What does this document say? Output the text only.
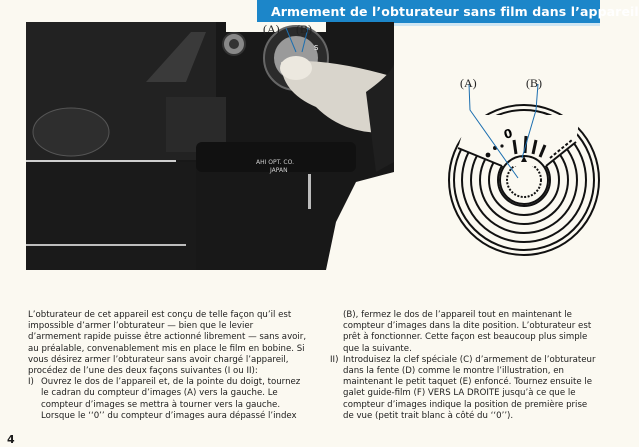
Armement de l’obturateur sans film dans l’appareil
S
AHI OPT. CO.
JAPAN
(A) (B)
0
(A)	(B)

L’obturateur de cet appareil est conçu de telle façon qu’il est impossible d’armer l’obturateur — bien que le levier d’armement rapide puisse être actionné librement — sans avoir, au préalable, convenablement mis en place le film en bobine. Si vous désirez armer l’obturateur sans avoir chargé l’appareil, procédez de l’une des deux façons suivantes (I ou II):

I) Ouvrez le dos de l’appareil et, de la pointe du doigt, tournez le cadran du compteur d’images (A) vers la gauche. Le compteur d’images se mettra à tourner vers la gauche. Lorsque le ‘‘0’’ du compteur d’images aura dépassé l’index
(B), fermez le dos de l’appareil tout en maintenant le compteur d’images dans la dite position. L’obturateur est prêt à fonctionner. Cette façon est beaucoup plus simple que la suivante.
II) Introduisez la clef spéciale (C) d’armement de l’obturateur dans la fente (D) comme le montre l’illustration, en maintenant le petit taquet (E) enfoncé. Tournez ensuite le galet guide-film (F) VERS LA DROITE jusqu’à ce que le compteur d’images indique la position de première prise de vue (petit trait blanc à côté du ‘‘0’’).
4
